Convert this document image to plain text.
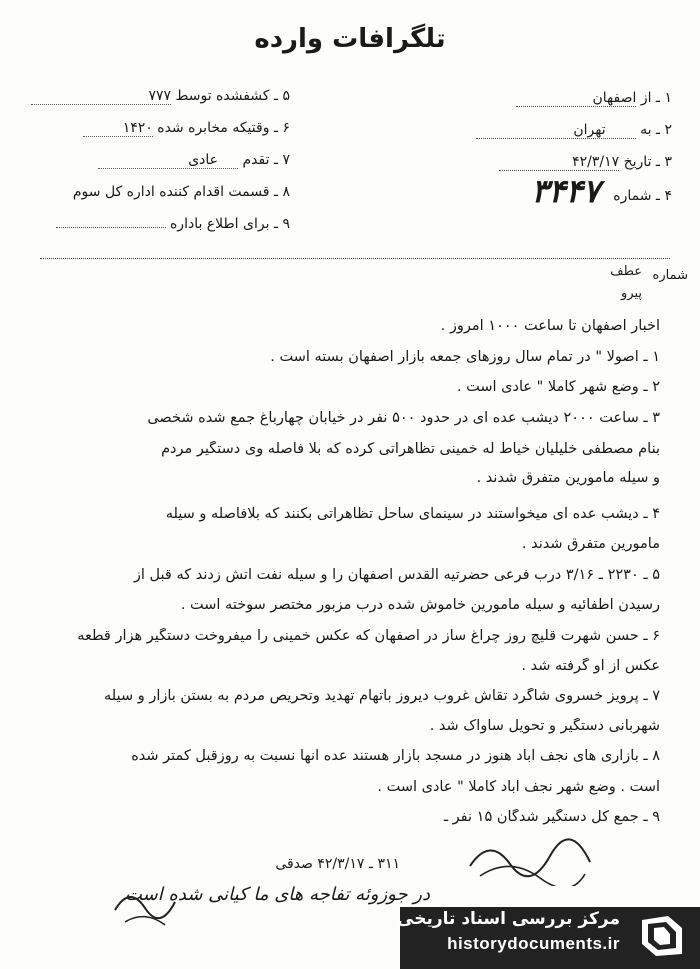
تلگرافات وارده
۱ ـ از اصفهان
۲ ـ به تهران
۳ ـ تاریخ ۴۲/۳/۱۷
۴ ـ شماره
۳۴۴۷
۵ ـ کشفشده توسط ۷۷۷
۶ ـ وقتیکه مخابره شده ۱۴۲۰
۷ ـ تقدم عادی
۸ ـ قسمت اقدام کننده اداره کل سوم
۹ ـ برای اطلاع باداره
شماره
عطف
پیرو
اخبار اصفهان تا ساعت ۱۰۰۰ امروز .
۱ ـ اصولا " در تمام سال روزهای جمعه بازار اصفهان بسته است .
۲ ـ وضع شهر کاملا " عادی است .
۳ ـ ساعت ۲۰۰۰ دیشب عده ای در حدود ۵۰۰ نفر در خیابان چهارباغ جمع شده شخصی
بنام مصطفی خلیلیان خیاط له خمینی تظاهراتی کرده که بلا فاصله وی دستگیر مردم
و سیله مامورین متفرق شدند .
۴ ـ دیشب عده ای میخواستند در سینمای ساحل تظاهراتی بکنند که بلافاصله و سیله
مامورین متفرق شدند .
۵ ـ ۲۲۳۰ ـ ۳/۱۶ درب فرعی حضرتیه القدس اصفهان را و سیله نفت آتش زدند که قبل از
رسیدن اطفائیه و سیله مامورین خاموش شده درب مزبور مختصر سوخته است .
۶ ـ حسن شهرت قلیچ روز چراغ ساز در اصفهان که عکس خمینی را میفروخت دستگیر هزار قطعه
عکس از او گرفته شد .
۷ ـ پرویز خسروی شاگرد تقاش غروب دیروز باتهام تهدید وتحریص مردم به بستن بازار و سیله
شهربانی دستگیر و تحویل ساواک شد .
۸ ـ بازاری های نجف آباد هنوز در مسجد بازار هستند عده آنها نسبت به روزقبل کمتر شده
است . وضع شهر نجف آباد کاملا " عادی است .
۹ ـ جمع کل دستگیر شدگان ۱۵ نفر ـ
۳۱۱ ـ ۴۲/۳/۱۷ صدقی
در جوزوئه تفاجه های ما کیانی شده است
مرکز بررسی اسناد تاریخی
historydocuments.ir
